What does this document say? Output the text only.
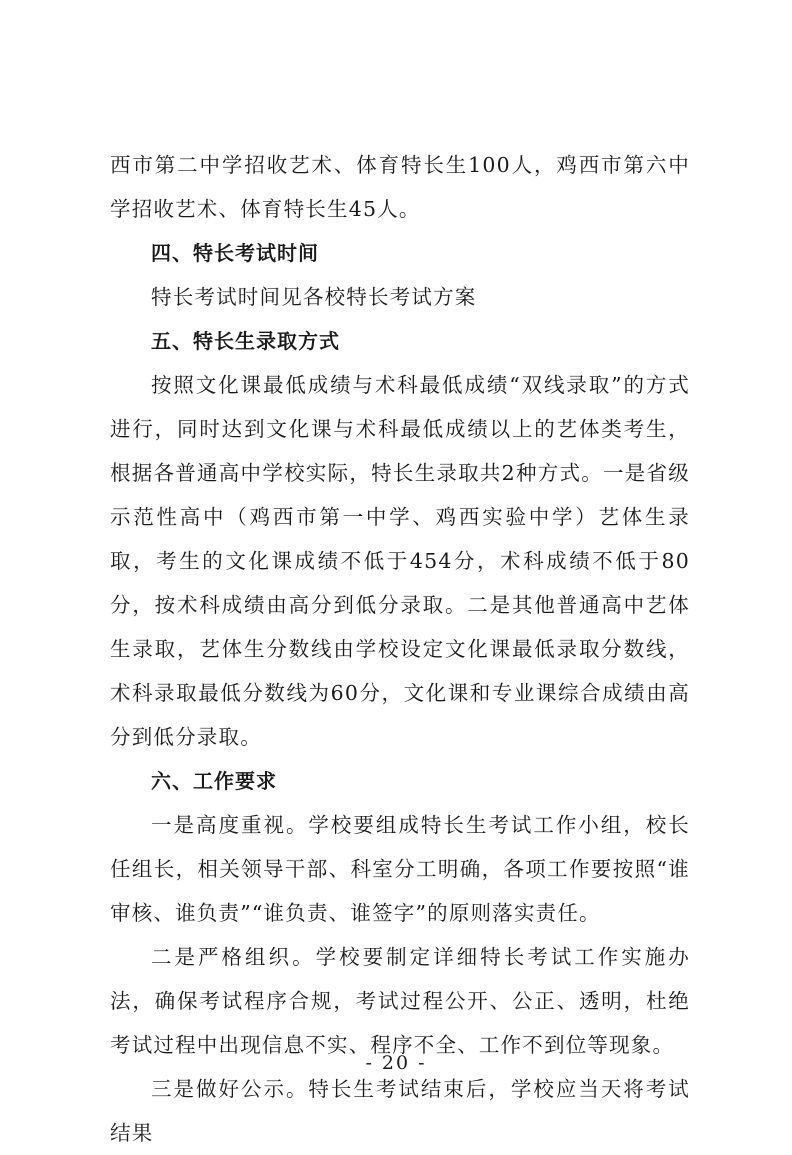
西市第二中学招收艺术、体育特长生100人，鸡西市第六中学招收艺术、体育特长生45人。

四、特长考试时间

特长考试时间见各校特长考试方案

五、特长生录取方式

按照文化课最低成绩与术科最低成绩“双线录取”的方式进行，同时达到文化课与术科最低成绩以上的艺体类考生，根据各普通高中学校实际，特长生录取共2种方式。一是省级示范性高中（鸡西市第一中学、鸡西实验中学）艺体生录取，考生的文化课成绩不低于454分，术科成绩不低于80分，按术科成绩由高分到低分录取。二是其他普通高中艺体生录取，艺体生分数线由学校设定文化课最低录取分数线，术科录取最低分数线为60分，文化课和专业课综合成绩由高分到低分录取。

六、工作要求

一是高度重视。学校要组成特长生考试工作小组，校长任组长，相关领导干部、科室分工明确，各项工作要按照“谁审核、谁负责”“谁负责、谁签字”的原则落实责任。

二是严格组织。学校要制定详细特长考试工作实施办法，确保考试程序合规，考试过程公开、公正、透明，杜绝考试过程中出现信息不实、程序不全、工作不到位等现象。

三是做好公示。特长生考试结束后，学校应当天将考试结果

- 20 -
